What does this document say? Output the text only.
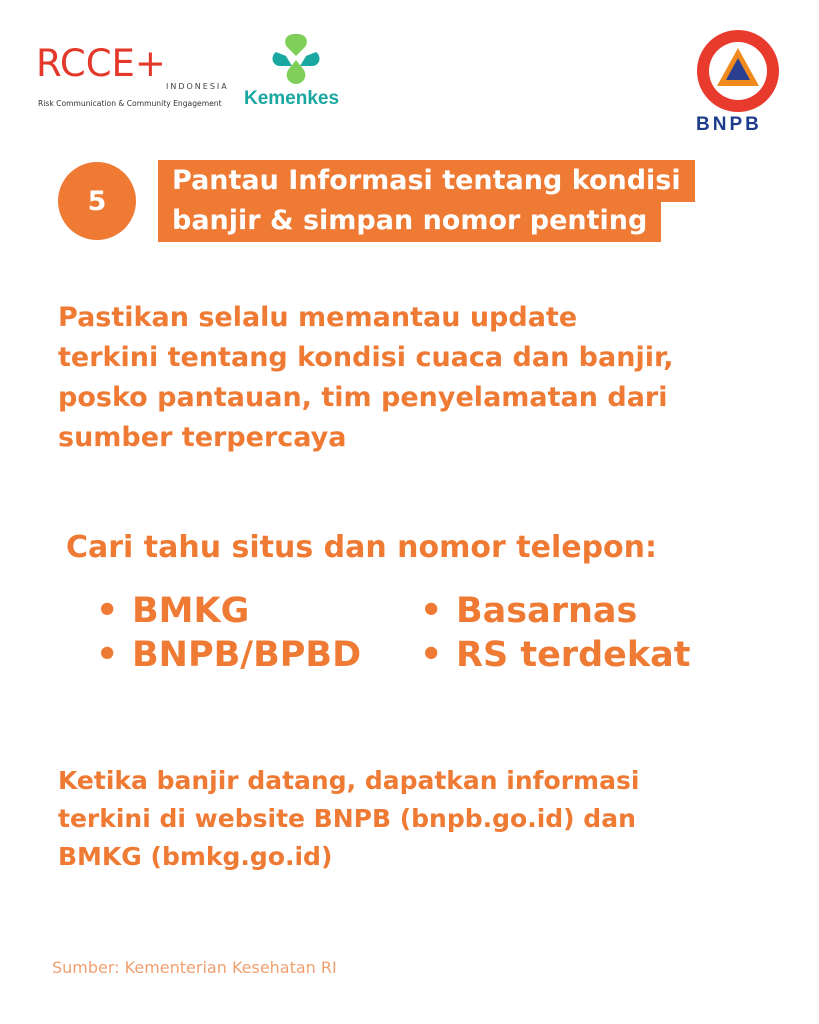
RCCE+
INDONESIA
Risk Communication & Community Engagement Kemenkes
BNPB
5
Pantau Informasi tentang kondisi
banjir & simpan nomor penting
Pastikan selalu memantau update
terkini tentang kondisi cuaca dan banjir,
posko pantauan, tim penyelamatan dari
sumber terpercaya
Cari tahu situs dan nomor telepon:
• BMKG
• BNPB/BPBD
• Basarnas
• RS terdekat
Ketika banjir datang, dapatkan informasi
terkini di website BNPB (bnpb.go.id) dan
BMKG (bmkg.go.id)
Sumber: Kementerian Kesehatan RI
